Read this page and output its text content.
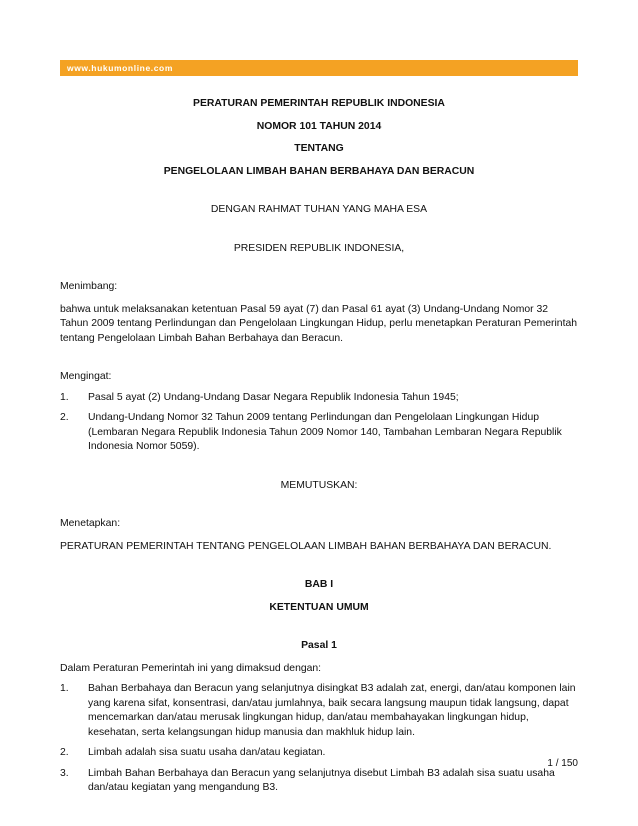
www.hukumonline.com

PERATURAN PEMERINTAH REPUBLIK INDONESIA

NOMOR 101 TAHUN 2014

TENTANG

PENGELOLAAN LIMBAH BAHAN BERBAHAYA DAN BERACUN

DENGAN RAHMAT TUHAN YANG MAHA ESA

PRESIDEN REPUBLIK INDONESIA,

Menimbang:

bahwa untuk melaksanakan ketentuan Pasal 59 ayat (7) dan Pasal 61 ayat (3) Undang-Undang Nomor 32 Tahun 2009 tentang Perlindungan dan Pengelolaan Lingkungan Hidup, perlu menetapkan Peraturan Pemerintah tentang Pengelolaan Limbah Bahan Berbahaya dan Beracun.

Mengingat:

1.	Pasal 5 ayat (2) Undang-Undang Dasar Negara Republik Indonesia Tahun 1945;
2.	Undang-Undang Nomor 32 Tahun 2009 tentang Perlindungan dan Pengelolaan Lingkungan Hidup (Lembaran Negara Republik Indonesia Tahun 2009 Nomor 140, Tambahan Lembaran Negara Republik Indonesia Nomor 5059).

MEMUTUSKAN:

Menetapkan:

PERATURAN PEMERINTAH TENTANG PENGELOLAAN LIMBAH BAHAN BERBAHAYA DAN BERACUN.

BAB I

KETENTUAN UMUM

Pasal 1

Dalam Peraturan Pemerintah ini yang dimaksud dengan:

1.	Bahan Berbahaya dan Beracun yang selanjutnya disingkat B3 adalah zat, energi, dan/atau komponen lain yang karena sifat, konsentrasi, dan/atau jumlahnya, baik secara langsung maupun tidak langsung, dapat mencemarkan dan/atau merusak lingkungan hidup, dan/atau membahayakan lingkungan hidup, kesehatan, serta kelangsungan hidup manusia dan makhluk hidup lain.
2.	Limbah adalah sisa suatu usaha dan/atau kegiatan.
3.	Limbah Bahan Berbahaya dan Beracun yang selanjutnya disebut Limbah B3 adalah sisa suatu usaha dan/atau kegiatan yang mengandung B3.
1 / 150
